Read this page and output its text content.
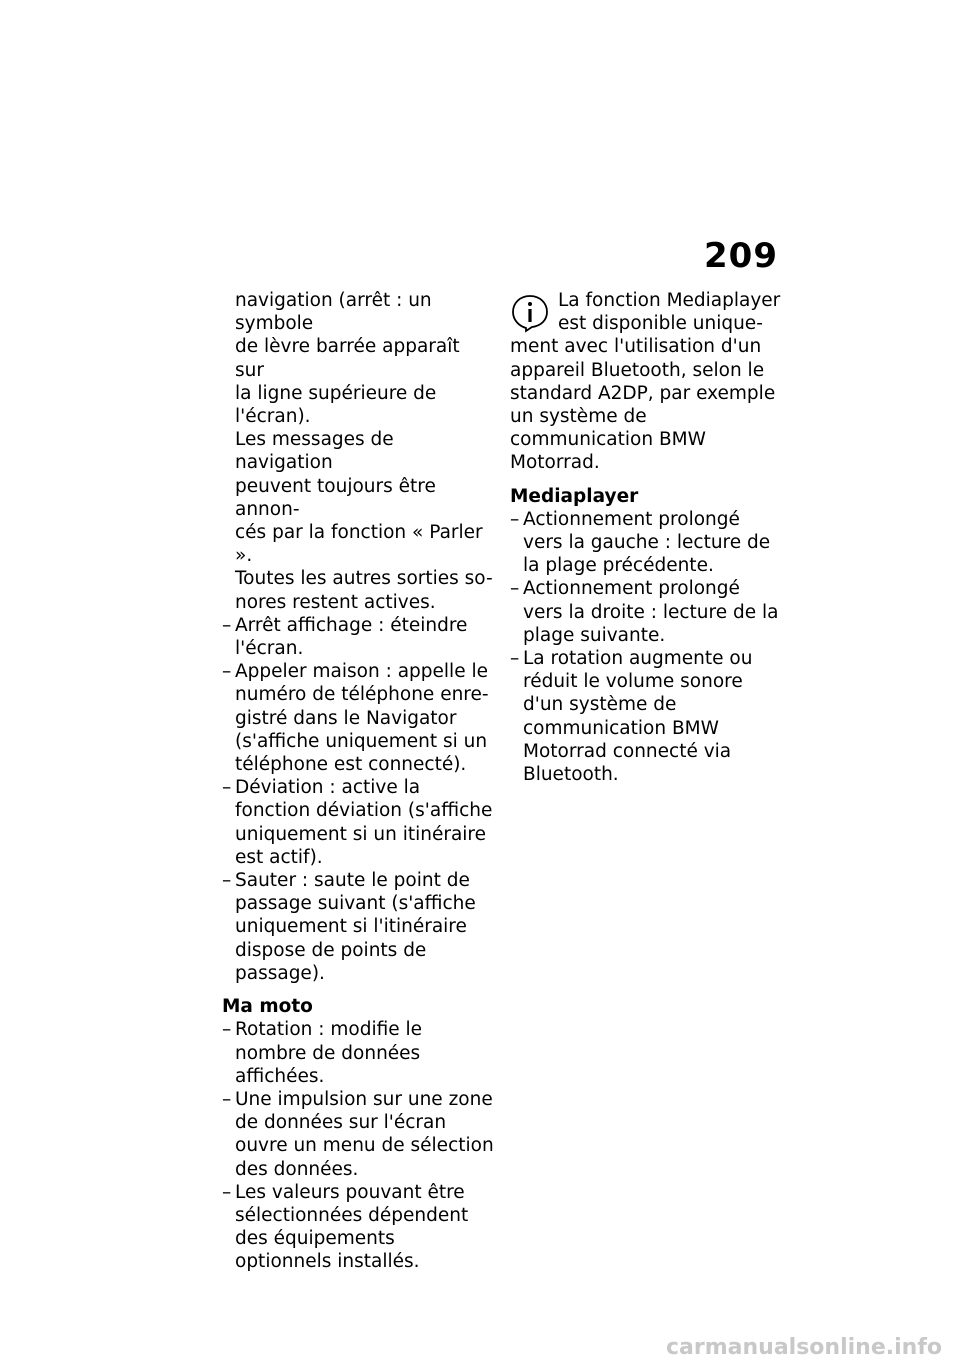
209

navigation (arrêt : un symbole

de lèvre barrée apparaît sur

la ligne supérieure de l'écran).

Les messages de navigation

peuvent toujours être annon-

cés par la fonction « Parler ».

Toutes les autres sorties so-

nores restent actives.

– Arrêt affichage : éteindre l'écran.
– Appeler maison : appelle le numéro de téléphone enregistré dans le Navigator (s'affiche uniquement si un téléphone est connecté).
– Déviation : active la fonction déviation (s'affiche uniquement si un itinéraire est actif).
– Sauter : saute le point de passage suivant (s'affiche uniquement si l'itinéraire dispose de points de passage).

Ma moto

– Rotation : modifie le nombre de données affichées.
– Une impulsion sur une zone de données sur l'écran ouvre un menu de sélection des données.
– Les valeurs pouvant être sélectionnées dépendent des équipements optionnels installés.

La fonction Mediaplayer est disponible uniquement avec l'utilisation d'un appareil Bluetooth, selon le standard A2DP, par exemple un système de communication BMW Motorrad.

Mediaplayer

– Actionnement prolongé vers la gauche : lecture de la plage précédente.
– Actionnement prolongé vers la droite : lecture de la plage suivante.
– La rotation augmente ou réduit le volume sonore d'un système de communication BMW Motorrad connecté via Bluetooth.
carmanualsonline.info
